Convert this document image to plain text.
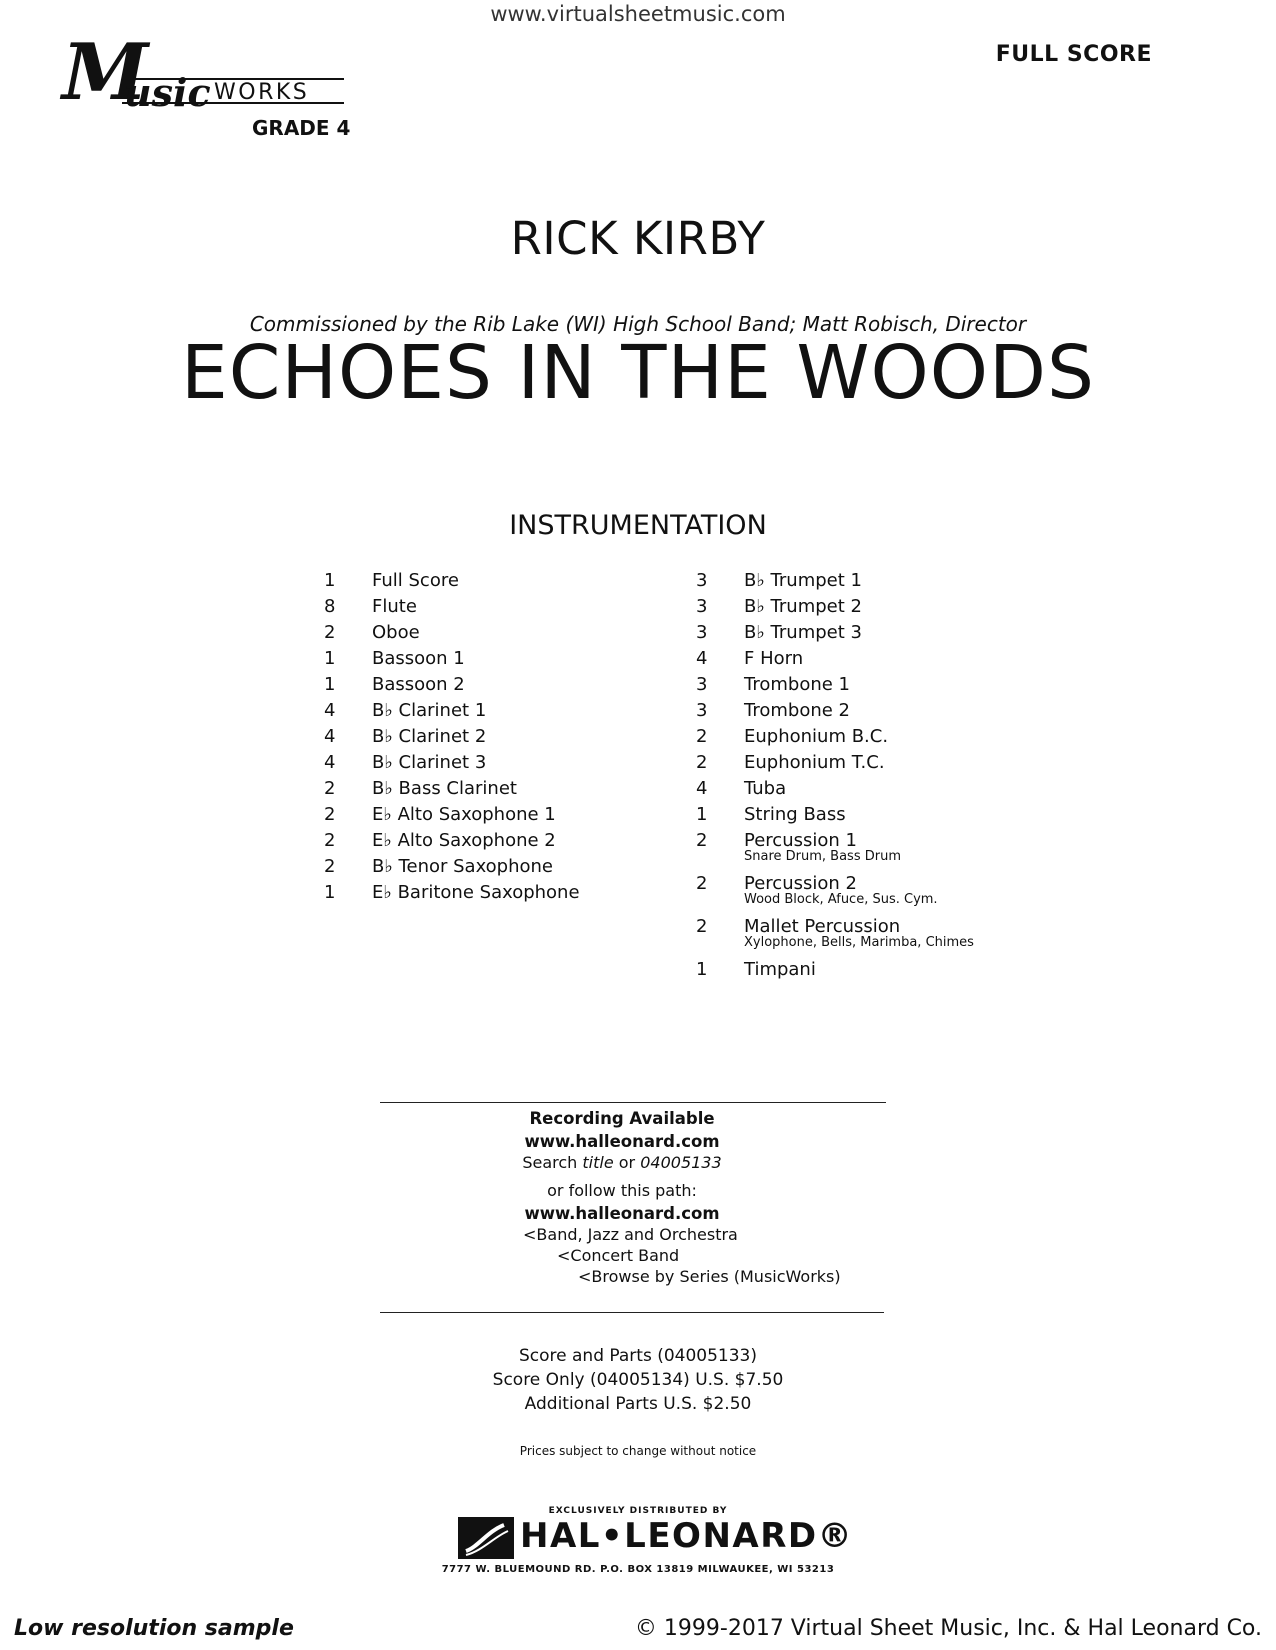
www.virtualsheetmusic.com
FULL SCORE
M
usic WORKS
GRADE 4
RICK KIRBY
Commissioned by the Rib Lake (WI) High School Band; Matt Robisch, Director
ECHOES IN THE WOODS
INSTRUMENTATION
1	Full Score
8	Flute
2	Oboe
1	Bassoon 1
1	Bassoon 2
4	B♭ Clarinet 1
4	B♭ Clarinet 2
4	B♭ Clarinet 3
2	B♭ Bass Clarinet
2	E♭ Alto Saxophone 1
2	E♭ Alto Saxophone 2
2	B♭ Tenor Saxophone
1	E♭ Baritone Saxophone
3	B♭ Trumpet 1
3	B♭ Trumpet 2
3	B♭ Trumpet 3
4	F Horn
3	Trombone 1
3	Trombone 2
2	Euphonium B.C.
2	Euphonium T.C.
4	Tuba
1	String Bass
2	Percussion 1
Snare Drum, Bass Drum
2	Percussion 2
Wood Block, Afuce, Sus. Cym.
2	Mallet Percussion
Xylophone, Bells, Marimba, Chimes
1	Timpani
Recording Available
www.halleonard.com
Search title or 04005133
or follow this path:
www.halleonard.com
<Band, Jazz and Orchestra
<Concert Band
<Browse by Series (MusicWorks)
Score and Parts (04005133)
Score Only (04005134) U.S. $7.50
Additional Parts U.S. $2.50
Prices subject to change without notice
EXCLUSIVELY DISTRIBUTED BY
HAL•LEONARD®
7777 W. BLUEMOUND RD. P.O. BOX 13819 MILWAUKEE, WI 53213
Low resolution sample	© 1999-2017 Virtual Sheet Music, Inc. & Hal Leonard Co.
